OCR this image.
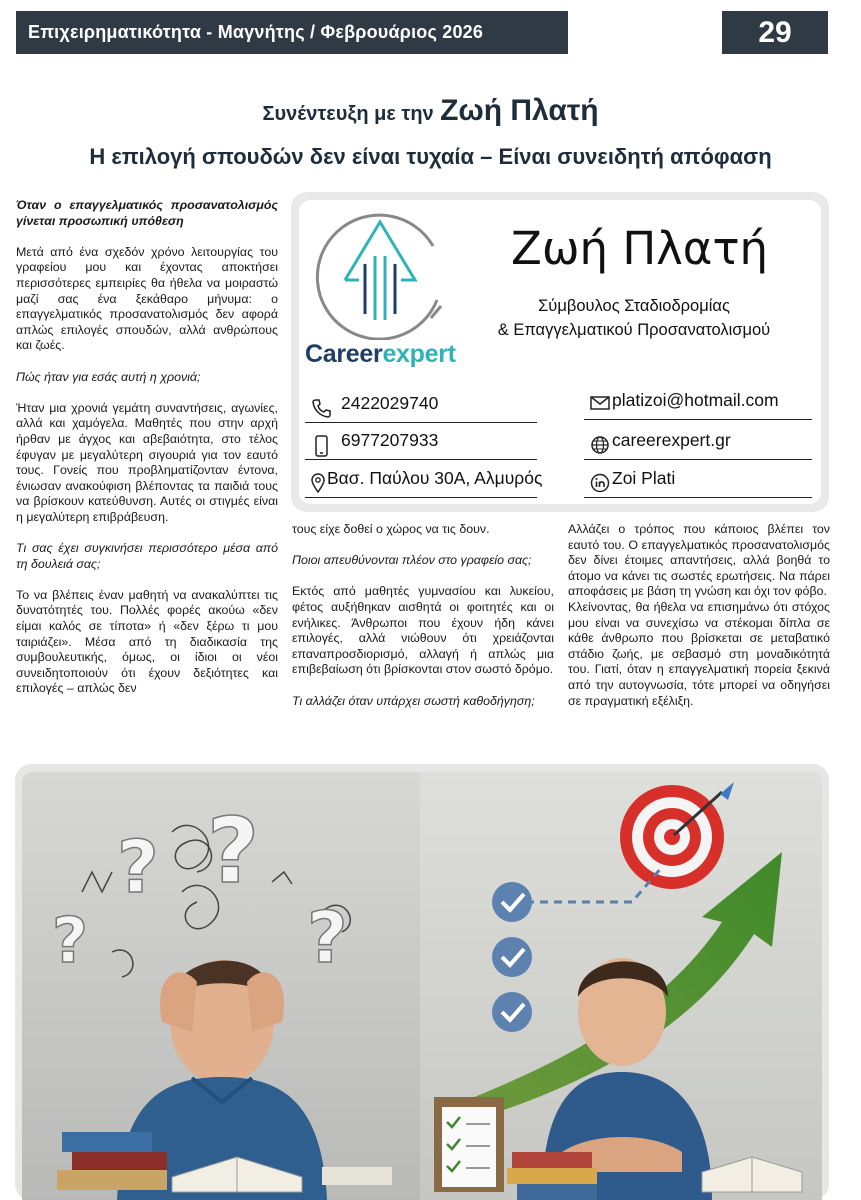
Επιχειρηματικότητα - Μαγνήτης / Φεβρουάριος 2026	29
Συνέντευξη με την Ζωή Πλατή
Η επιλογή σπουδών δεν είναι τυχαία – Είναι συνειδητή απόφαση

Όταν ο επαγγελματικός προσανατολισμός γίνεται προσωπική υπόθεση

Μετά από ένα σχεδόν χρόνο λειτουργίας του γραφείου μου και έχοντας αποκτήσει περισσότερες εμπειρίες θα ήθελα να μοιραστώ μαζί σας ένα ξεκάθαρο μήνυμα: ο επαγγελματικός προσανατολισμός δεν αφορά απλώς επιλογές σπουδών, αλλά ανθρώπους και ζωές.

Πώς ήταν για εσάς αυτή η χρονιά;

Ήταν μια χρονιά γεμάτη συναντήσεις, αγωνίες, αλλά και χαμόγελα. Μαθητές που στην αρχή ήρθαν με άγχος και αβεβαιότητα, στο τέλος έφυγαν με μεγαλύτερη σιγουριά για τον εαυτό τους. Γονείς που προβληματίζονταν έντονα, ένιωσαν ανακούφιση βλέποντας τα παιδιά τους να βρίσκουν κατεύθυνση. Αυτές οι στιγμές είναι η μεγαλύτερη επιβράβευση.

Τι σας έχει συγκινήσει περισσότερο μέσα από τη δουλειά σας;

Το να βλέπεις έναν μαθητή να ανακαλύπτει τις δυνατότητές του. Πολλές φορές ακούω «δεν είμαι καλός σε τίποτα» ή «δεν ξέρω τι μου ταιριάζει». Μέσα από τη διαδικασία της συμβουλευτικής, όμως, οι ίδιοι οι νέοι συνειδητοποιούν ότι έχουν δεξιότητες και επιλογές – απλώς δεν

Careerexpert
Ζωή Πλατή
Σύμβουλος Σταδιοδρομίας
& Επαγγελματικού Προσανατολισμού
2422029740
6977207933
Βασ. Παύλου 30Α, Αλμυρός
platizoi@hotmail.com
careerexpert.gr
Zoi Plati

τους είχε δοθεί ο χώρος να τις δουν.

Ποιοι απευθύνονται πλέον στο γραφείο σας;

Εκτός από μαθητές γυμνασίου και λυκείου, φέτος αυξήθηκαν αισθητά οι φοιτητές και οι ενήλικες. Άνθρωποι που έχουν ήδη κάνει επιλογές, αλλά νιώθουν ότι χρειάζονται επαναπροσδιορισμό, αλλαγή ή απλώς μια επιβεβαίωση ότι βρίσκονται στον σωστό δρόμο.

Τι αλλάζει όταν υπάρχει σωστή καθοδήγηση;

Αλλάζει ο τρόπος που κάποιος βλέπει τον εαυτό του. Ο επαγγελματικός προσανατολισμός δεν δίνει έτοιμες απαντήσεις, αλλά βοηθά το άτομο να κάνει τις σωστές ερωτήσεις. Να πάρει αποφάσεις με βάση τη γνώση και όχι τον φόβο.

Κλείνοντας, θα ήθελα να επισημάνω ότι στόχος μου είναι να συνεχίσω να στέκομαι δίπλα σε κάθε άνθρωπο που βρίσκεται σε μεταβατικό στάδιο ζωής, με σεβασμό στη μοναδικότητά του. Γιατί, όταν η επαγγελματική πορεία ξεκινά από την αυτογνωσία, τότε μπορεί να οδηγήσει σε πραγματική εξέλιξη.

? ?
?	?
